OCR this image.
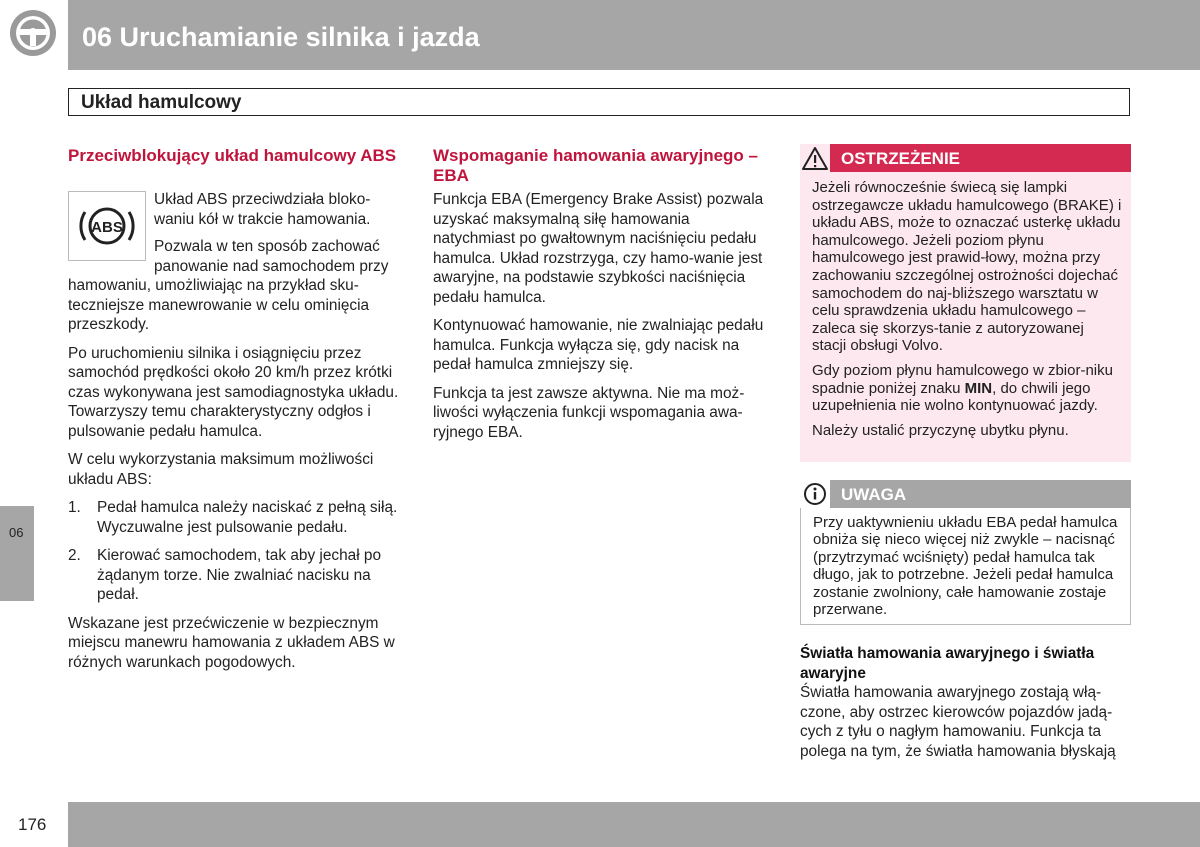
06 Uruchamianie silnika i jazda
Układ hamulcowy
06
Przeciwblokujący układ hamulcowy ABS
ABS
Układ ABS przeciwdziała bloko-waniu kół w trakcie hamowania.
Pozwala w ten sposób zachować panowanie nad samochodem przy

hamowaniu, umożliwiając na przykład sku-teczniejsze manewrowanie w celu ominięcia przeszkody.

Po uruchomieniu silnika i osiągnięciu przez samochód prędkości około 20 km/h przez krótki czas wykonywana jest samodiagnostyka układu. Towarzyszy temu charakterystyczny odgłos i pulsowanie pedału hamulca.

W celu wykorzystania maksimum możliwości układu ABS:

1. Pedał hamulca należy naciskać z pełną siłą. Wyczuwalne jest pulsowanie pedału.
2. Kierować samochodem, tak aby jechał po żądanym torze. Nie zwalniać nacisku na pedał.

Wskazane jest przećwiczenie w bezpiecznym miejscu manewru hamowania z układem ABS w różnych warunkach pogodowych.

Wspomaganie hamowania awaryjnego – EBA

Funkcja EBA (Emergency Brake Assist) pozwala uzyskać maksymalną siłę hamowania natychmiast po gwałtownym naciśnięciu pedału hamulca. Układ rozstrzyga, czy hamo-wanie jest awaryjne, na podstawie szybkości naciśnięcia pedału hamulca.

Kontynuować hamowanie, nie zwalniając pedału hamulca. Funkcja wyłącza się, gdy nacisk na pedał hamulca zmniejszy się.

Funkcja ta jest zawsze aktywna. Nie ma moż-liwości wyłączenia funkcji wspomagania awa-ryjnego EBA.

OSTRZEŻENIE

Jeżeli równocześnie świecą się lampki ostrzegawcze układu hamulcowego (BRAKE) i układu ABS, może to oznaczać usterkę układu hamulcowego. Jeżeli poziom płynu hamulcowego jest prawid-łowy, można przy zachowaniu szczególnej ostrożności dojechać samochodem do naj-bliższego warsztatu w celu sprawdzenia układu hamulcowego – zaleca się skorzys-tanie z autoryzowanej stacji obsługi Volvo.

Gdy poziom płynu hamulcowego w zbior-niku spadnie poniżej znaku MIN, do chwili jego uzupełnienia nie wolno kontynuować jazdy.

Należy ustalić przyczynę ubytku płynu.

UWAGA
Przy uaktywnieniu układu EBA pedał hamulca obniża się nieco więcej niż zwykle – nacisnąć (przytrzymać wciśnięty) pedał hamulca tak długo, jak to potrzebne. Jeżeli pedał hamulca zostanie zwolniony, całe hamowanie zostaje przerwane.
Światła hamowania awaryjnego i światła awaryjne
Światła hamowania awaryjnego zostają włą-czone, aby ostrzec kierowców pojazdów jadą-cych z tyłu o nagłym hamowaniu. Funkcja ta polega na tym, że światła hamowania błyskają
176
